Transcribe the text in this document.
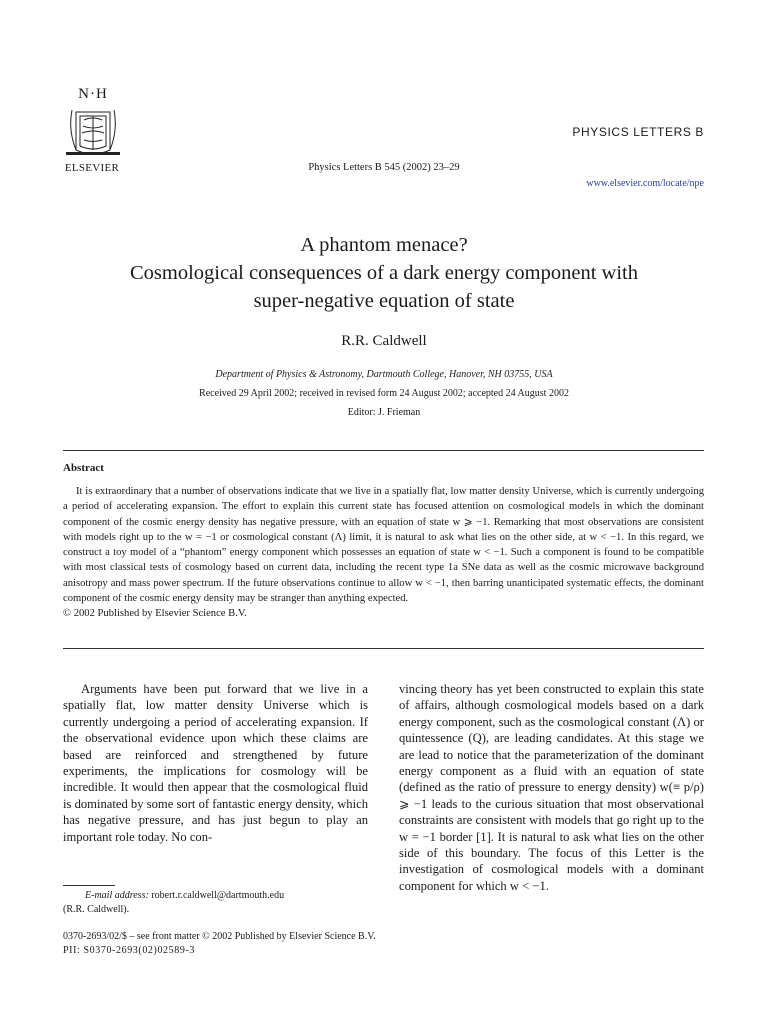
N·H
ELSEVIER
PHYSICS LETTERS B
Physics Letters B 545 (2002) 23–29
www.elsevier.com/locate/npe
A phantom menace?
Cosmological consequences of a dark energy component with
super-negative equation of state
R.R. Caldwell
Department of Physics & Astronomy, Dartmouth College, Hanover, NH 03755, USA
Received 29 April 2002; received in revised form 24 August 2002; accepted 24 August 2002
Editor: J. Frieman
Abstract

It is extraordinary that a number of observations indicate that we live in a spatially flat, low matter density Universe, which is currently undergoing a period of accelerating expansion. The effort to explain this current state has focused attention on cosmological models in which the dominant component of the cosmic energy density has negative pressure, with an equation of state w ⩾ −1. Remarking that most observations are consistent with models right up to the w = −1 or cosmological constant (Λ) limit, it is natural to ask what lies on the other side, at w < −1. In this regard, we construct a toy model of a “phantom” energy component which possesses an equation of state w < −1. Such a component is found to be compatible with most classical tests of cosmology based on current data, including the recent type 1a SNe data as well as the cosmic microwave background anisotropy and mass power spectrum. If the future observations continue to allow w < −1, then barring unanticipated systematic effects, the dominant component of the cosmic energy density may be stranger than anything expected.

© 2002 Published by Elsevier Science B.V.

Arguments have been put forward that we live in a spatially flat, low matter density Universe which is currently undergoing a period of accelerating expansion. If the observational evidence upon which these claims are based are reinforced and strengthened by future experiments, the implications for cosmology will be incredible. It would then appear that the cosmological fluid is dominated by some sort of fantastic energy density, which has negative pressure, and has just begun to play an important role today. No con-

vincing theory has yet been constructed to explain this state of affairs, although cosmological models based on a dark energy component, such as the cosmological constant (Λ) or quintessence (Q), are leading candidates. At this stage we are lead to notice that the parameterization of the dominant energy component as a fluid with an equation of state (defined as the ratio of pressure to energy density) w(≡ p/ρ) ⩾ −1 leads to the curious situation that most observational constraints are consistent with models that go right up to the w = −1 border [1]. It is natural to ask what lies on the other side of this boundary. The focus of this Letter is the investigation of cosmological models with a dominant component for which w < −1.

E-mail address: robert.r.caldwell@dartmouth.edu
(R.R. Caldwell).
0370-2693/02/$ – see front matter © 2002 Published by Elsevier Science B.V.
PII: S0370-2693(02)02589-3
